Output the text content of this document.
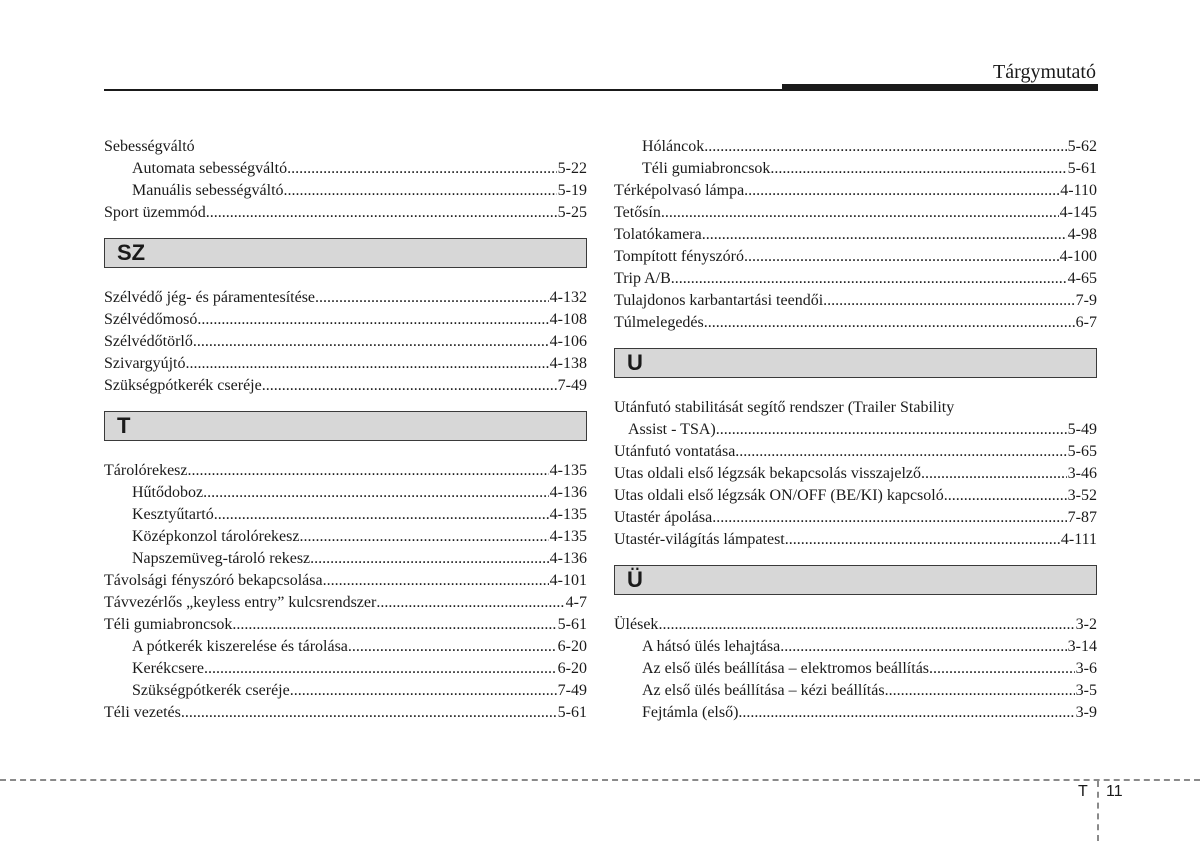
Tárgymutató
Sebességváltó
Automata sebességváltó .....	5-22
Manuális sebességváltó .....	5-19
Sport üzemmód .....	5-25
SZ
Szélvédő jég- és páramentesítése .....	4-132
Szélvédőmosó .....	4-108
Szélvédőtörlő .....	4-106
Szivargyújtó .....	4-138
Szükségpótkerék cseréje .....	7-49
T
Tárolórekesz .....	4-135
Hűtődoboz .....	4-136
Kesztyűtartó .....	4-135
Középkonzol tárolórekesz .....	4-135
Napszemüveg-tároló rekesz .....	4-136
Távolsági fényszóró bekapcsolása .....	4-101
Távvezérlős „keyless entry” kulcsrendszer .....	4-7
Téli gumiabroncsok .....	5-61
A pótkerék kiszerelése és tárolása .....	6-20
Kerékcsere .....	6-20
Szükségpótkerék cseréje .....	7-49
Téli vezetés .....	5-61
Hóláncok .....	5-62
Téli gumiabroncsok .....	5-61
Térképolvasó lámpa .....	4-110
Tetősín .....	4-145
Tolatókamera .....	4-98
Tompított fényszóró .....	4-100
Trip A/B .....	4-65
Tulajdonos karbantartási teendői .....	7-9
Túlmelegedés .....	6-7
U
Utánfutó stabilitását segítő rendszer (Trailer Stability
Assist - TSA) .....	5-49
Utánfutó vontatása .....	5-65
Utas oldali első légzsák bekapcsolás visszajelző .....	3-46
Utas oldali első légzsák ON/OFF (BE/KI) kapcsoló .....	3-52
Utastér ápolása .....	7-87
Utastér-világítás lámpatest .....	4-111
Ü
Ülések .....	3-2
A hátsó ülés lehajtása .....	3-14
Az első ülés beállítása – elektromos beállítás .....	3-6
Az első ülés beállítása – kézi beállítás .....	3-5
Fejtámla (első) .....	3-9
T 11
